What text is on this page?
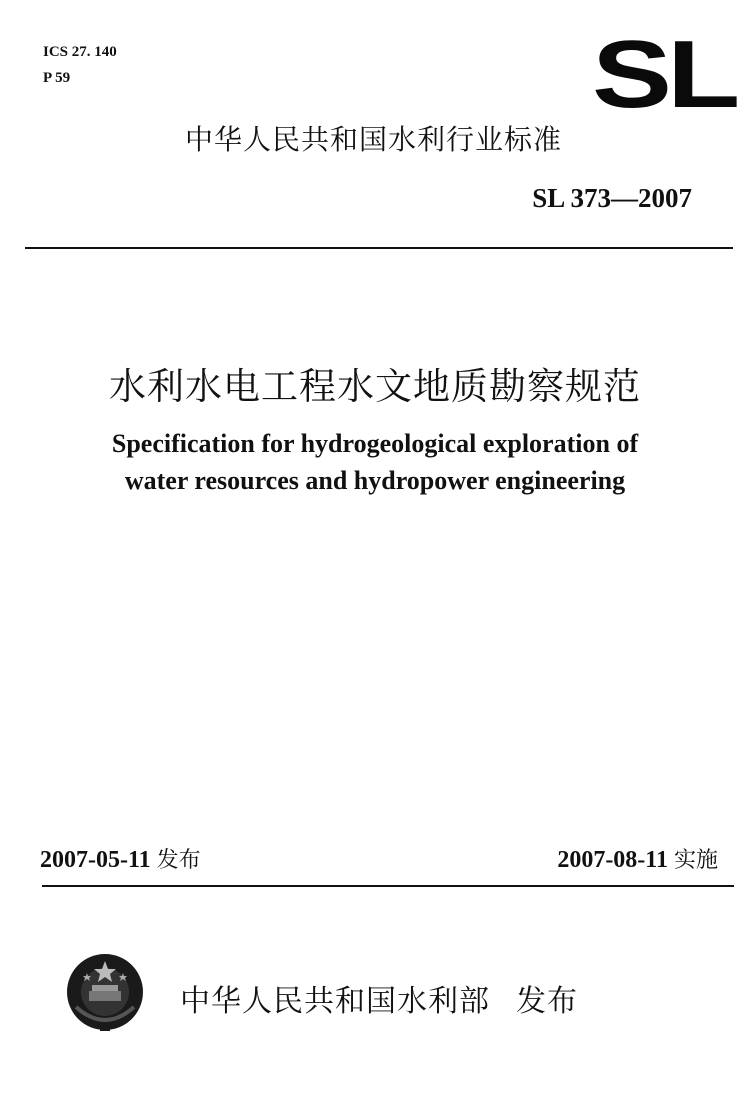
ICS 27. 140
P 59	SL
中华人民共和国水利行业标准
SL 373—2007
水利水电工程水文地质勘察规范
Specification for hydrogeological exploration of
water resources and hydropower engineering
2007-05-11 发布	2007-08-11 实施
中华人民共和国水利部 发布
